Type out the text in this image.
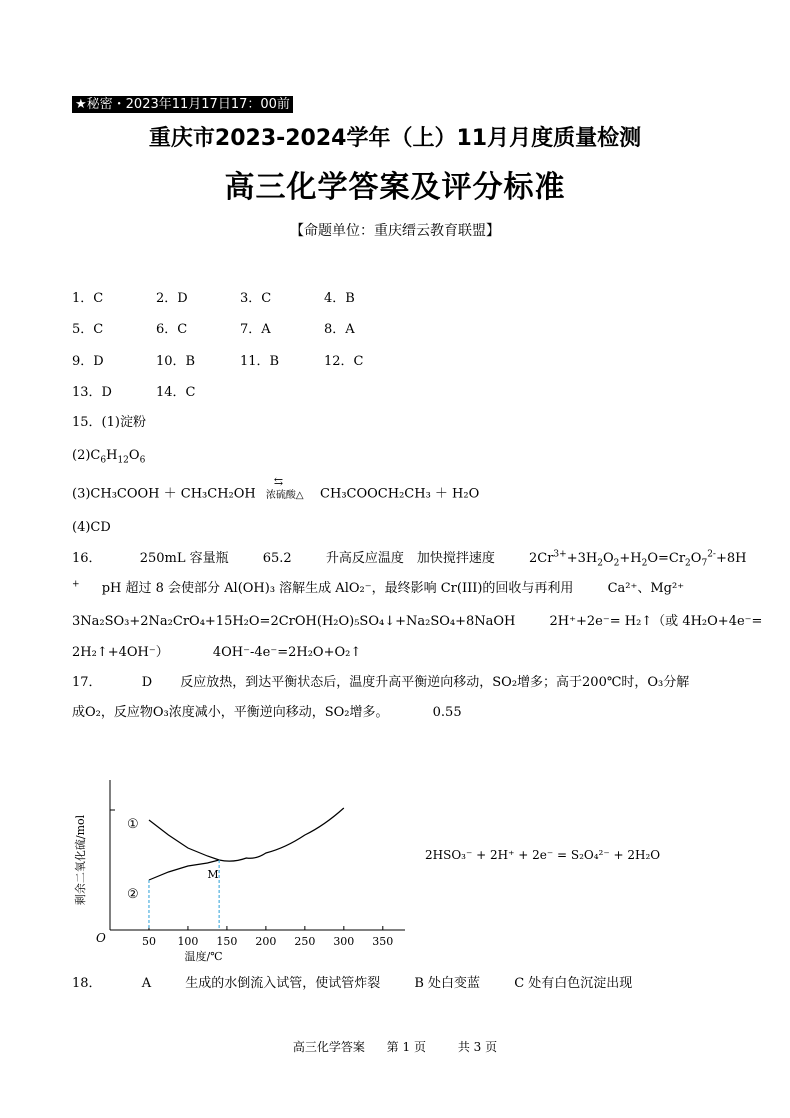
★秘密・2023年11月17日17：00前
重庆市2023-2024学年（上）11月月度质量检测
高三化学答案及评分标准
【命题单位：重庆缙云教育联盟】
1．C	2．D	3．C	4．B
5．C	6．C	7．A	8．A
9．D	10．B	11．B	12．C
13．D	14．C
15．(1)淀粉
$(2)C_6H_{12}O_6$
(3)CH₃COOH ＋ CH₃CH₂OH
⇆
浓硫酸△ CH₃COOCH₂CH₃ ＋ H₂O
(4)CD
16．	250mL 容量瓶	65.2	升高反应温度　加快搅拌速度	$2Cr^{3+}+3H_2O_2+H_2O=Cr_2O_7^{2-}+8H$
+ pH 超过 8 会使部分 Al(OH)₃ 溶解生成 AlO₂⁻，最终影响 Cr(III)的回收与再利用	Ca²⁺、Mg²⁺
3Na₂SO₃+2Na₂CrO₄+15H₂O=2CrOH(H₂O)₅SO₄↓+Na₂SO₄+8NaOH	2H⁺+2e⁻= H₂↑（或 4H₂O+4e⁻=
2H₂↑+4OH⁻）	4OH⁻-4e⁻=2H₂O+O₂↑
17．	D 反应放热，到达平衡状态后，温度升高平衡逆向移动，SO₂增多；高于200℃时，O₃分解
成O₂，反应物O₃浓度减小，平衡逆向移动，SO₂增多。	0.55
O	50 100 150 200 250 300 350
温度/℃
剩余二氧化硫/mol	①
②
M
2HSO₃⁻ + 2H⁺ + 2e⁻ = S₂O₄²⁻ + 2H₂O
18．	A	生成的水倒流入试管，使试管炸裂	B 处白变蓝	C 处有白色沉淀出现
高三化学答案 第 1 页	共 3 页
